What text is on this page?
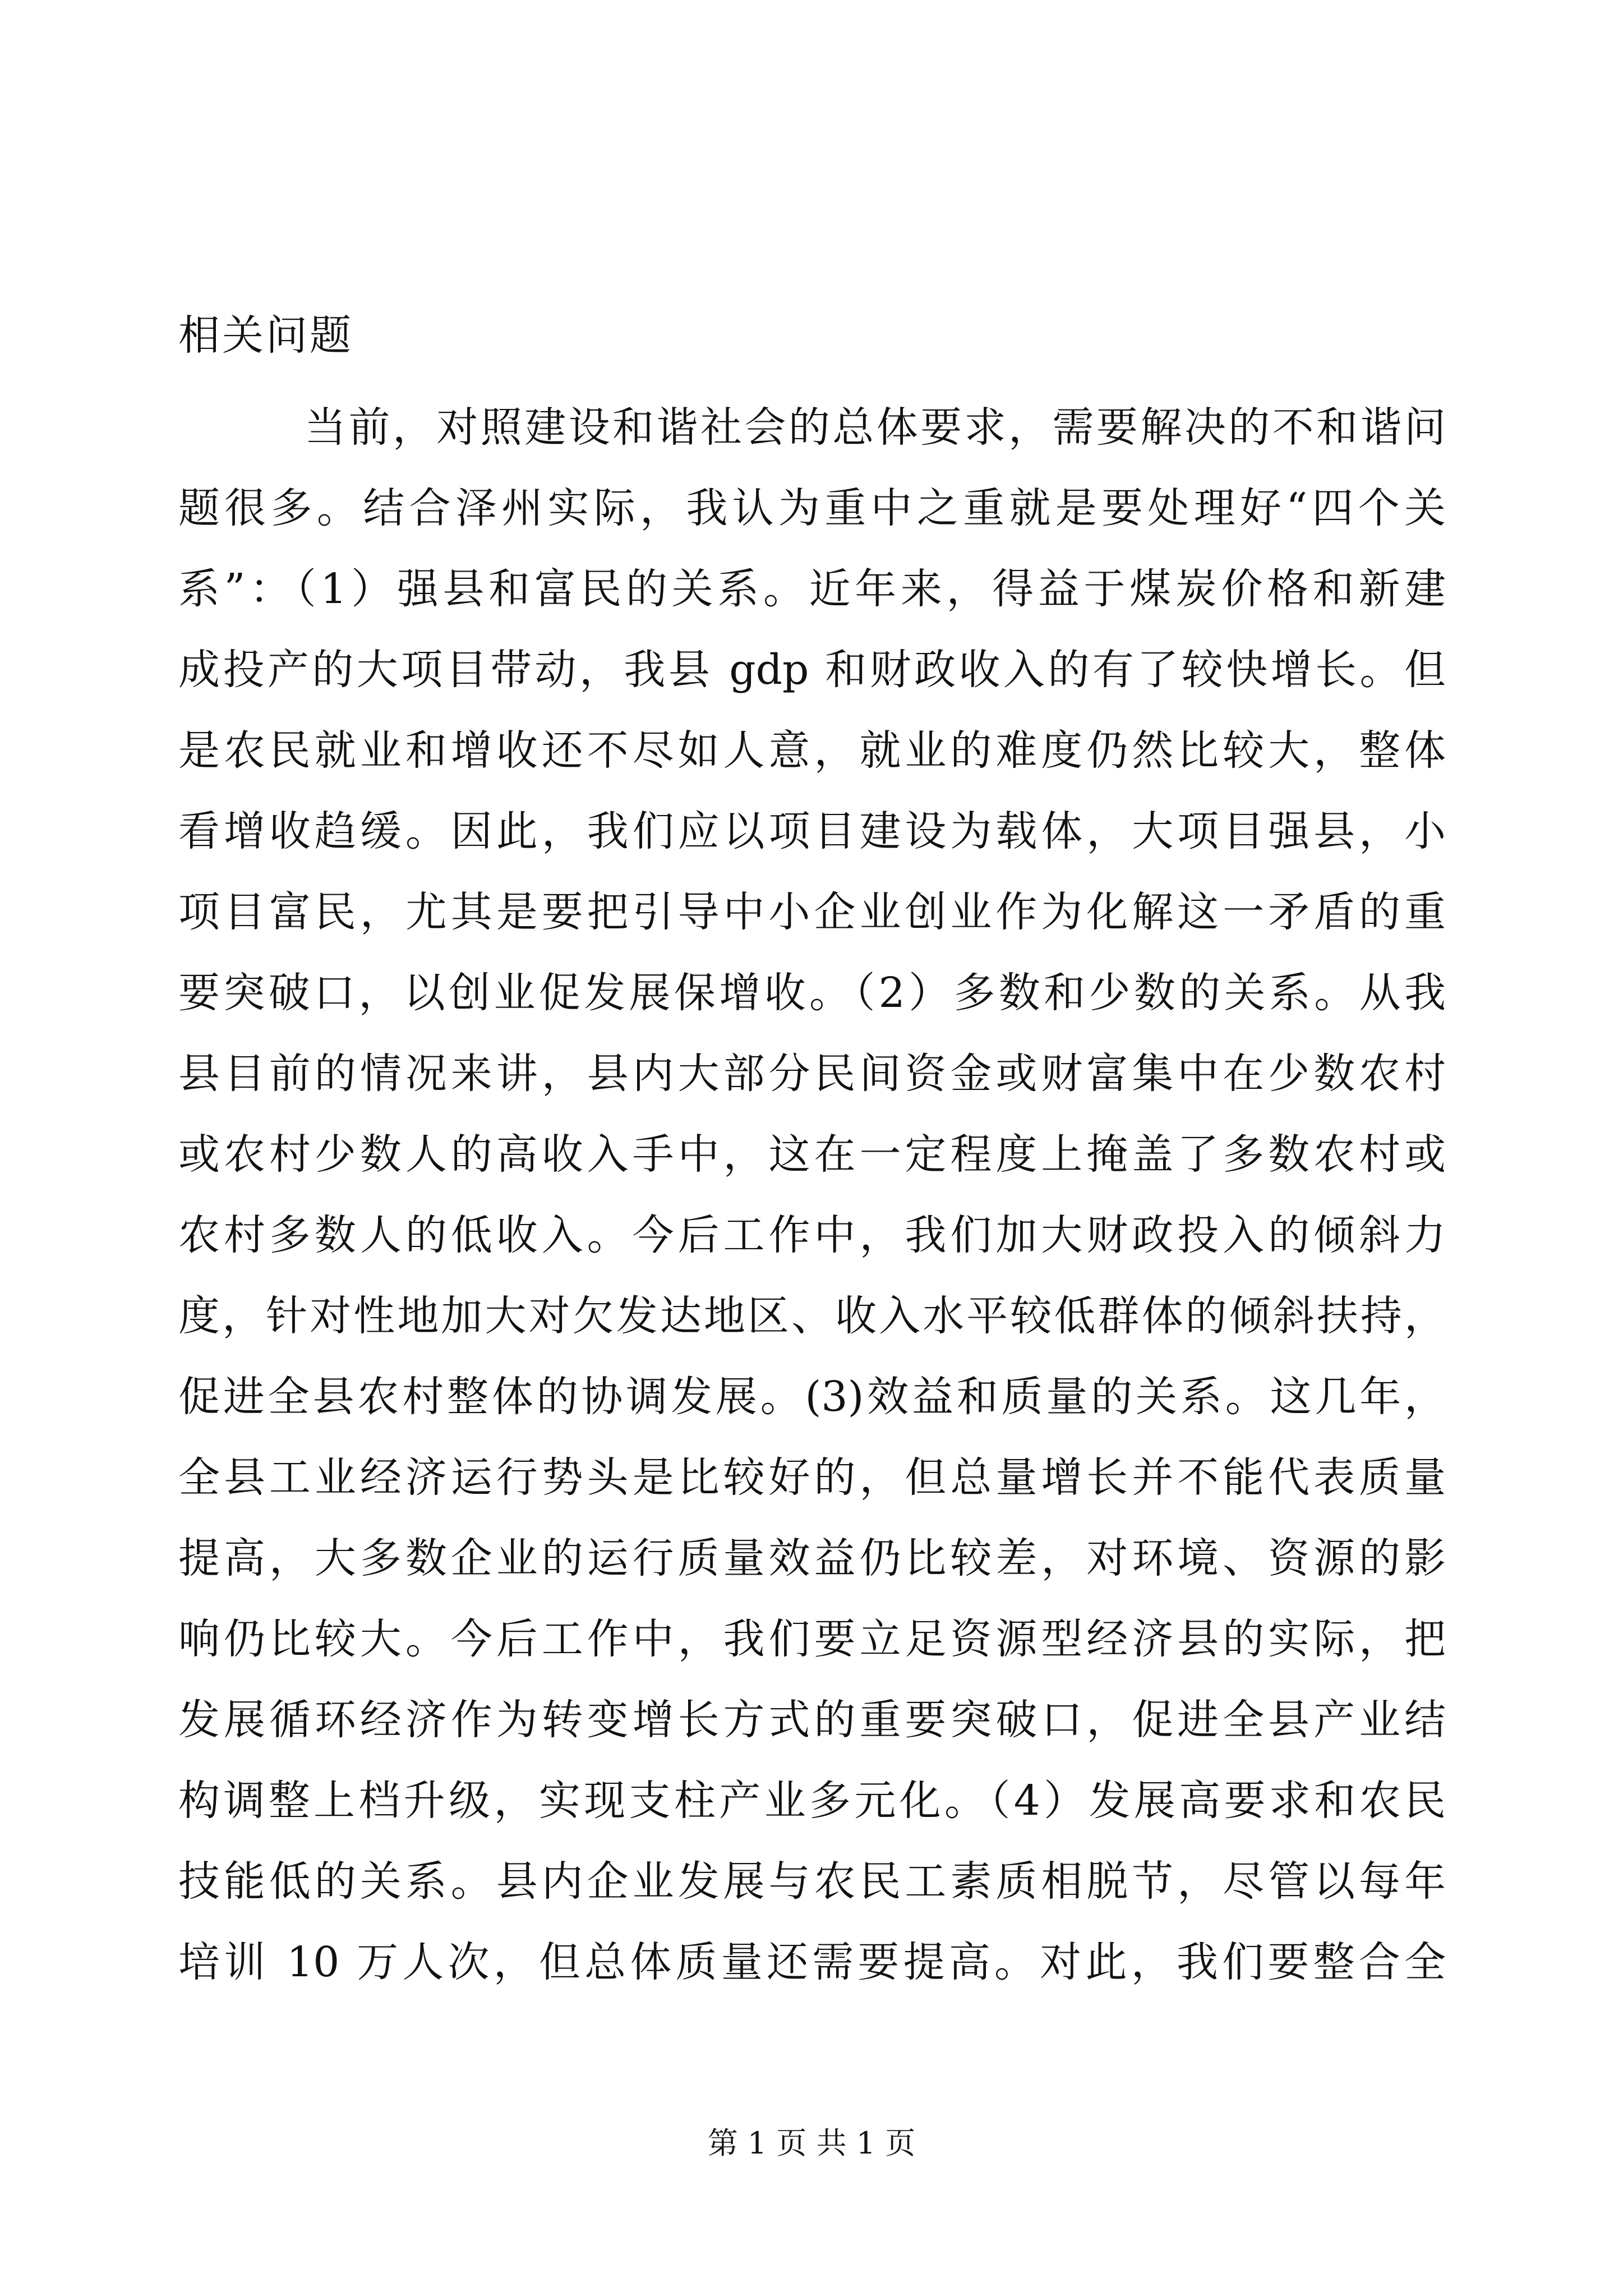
相关问题
当前，对照建设和谐社会的总体要求，需要解决的不和谐问
题很多。结合泽州实际，我认为重中之重就是要处理好“四个关
系”：（1）强县和富民的关系。近年来，得益于煤炭价格和新建
成投产的大项目带动，我县 gdp 和财政收入的有了较快增长。但
是农民就业和增收还不尽如人意，就业的难度仍然比较大，整体
看增收趋缓。因此，我们应以项目建设为载体，大项目强县，小
项目富民，尤其是要把引导中小企业创业作为化解这一矛盾的重
要突破口，以创业促发展保增收。（2）多数和少数的关系。从我
县目前的情况来讲，县内大部分民间资金或财富集中在少数农村
或农村少数人的高收入手中，这在一定程度上掩盖了多数农村或
农村多数人的低收入。今后工作中，我们加大财政投入的倾斜力
度，针对性地加大对欠发达地区、收入水平较低群体的倾斜扶持，
促进全县农村整体的协调发展。(3)效益和质量的关系。这几年，
全县工业经济运行势头是比较好的，但总量增长并不能代表质量
提高，大多数企业的运行质量效益仍比较差，对环境、资源的影
响仍比较大。今后工作中，我们要立足资源型经济县的实际，把
发展循环经济作为转变增长方式的重要突破口，促进全县产业结
构调整上档升级，实现支柱产业多元化。（4）发展高要求和农民
技能低的关系。县内企业发展与农民工素质相脱节，尽管以每年
培训 10 万人次，但总体质量还需要提高。对此，我们要整合全
第 1 页 共 1 页
